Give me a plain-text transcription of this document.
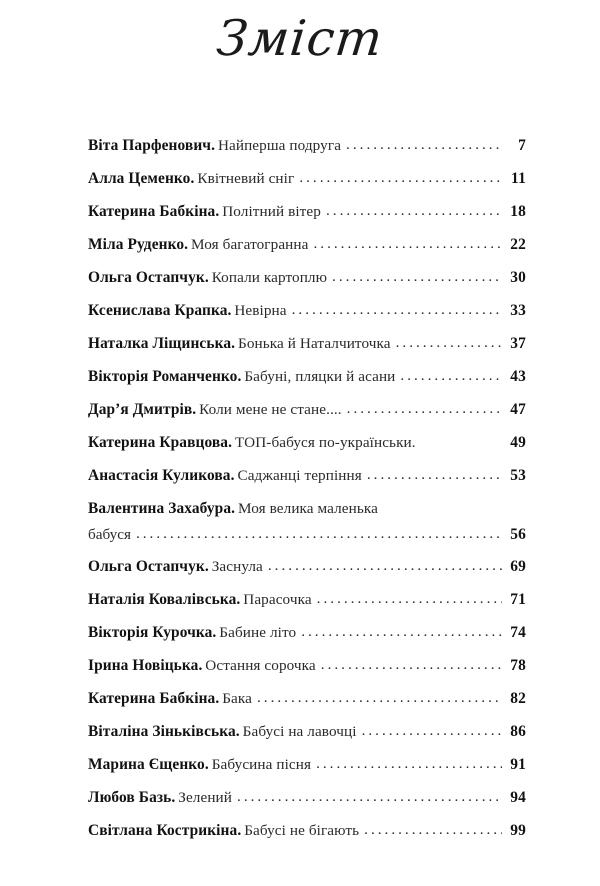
Зміст
Віта Парфенович. Найперша подруга .....	7
Алла Цеменко. Квітневий сніг .....	11
Катерина Бабкіна. Політний вітер .....	18
Міла Руденко. Моя багатогранна .....	22
Ольга Остапчук. Копали картоплю .....	30
Ксениславa Крапка. Невірна .....	33
Наталка Ліщинська. Бонька й Наталчиточка .....	37
Вікторія Романченко. Бабуні, пляцки й асани .....	43
Дар’я Дмитрів. Коли мене не стане.... .....	47
Катерина Кравцова. ТОП-бабуся по-українськи.	49
Анастасія Куликова. Саджанці терпіння .....	53
Валентина Захабура. Моя велика маленька
бабуся .....	56
Ольга Остапчук. Заснула .....	69
Наталія Ковалівська. Парасочка .....	71
Вікторія Курочка. Бабине літо .....	74
Ірина Новіцька. Остання сорочка .....	78
Катерина Бабкіна. Бака .....	82
Віталіна Зіньківська. Бабусі на лавочці .....	86
Марина Єщенко. Бабусина пісня .....	91
Любов Базь. Зелений .....	94
Світлана Кострикіна. Бабусі не бігають .....	99
